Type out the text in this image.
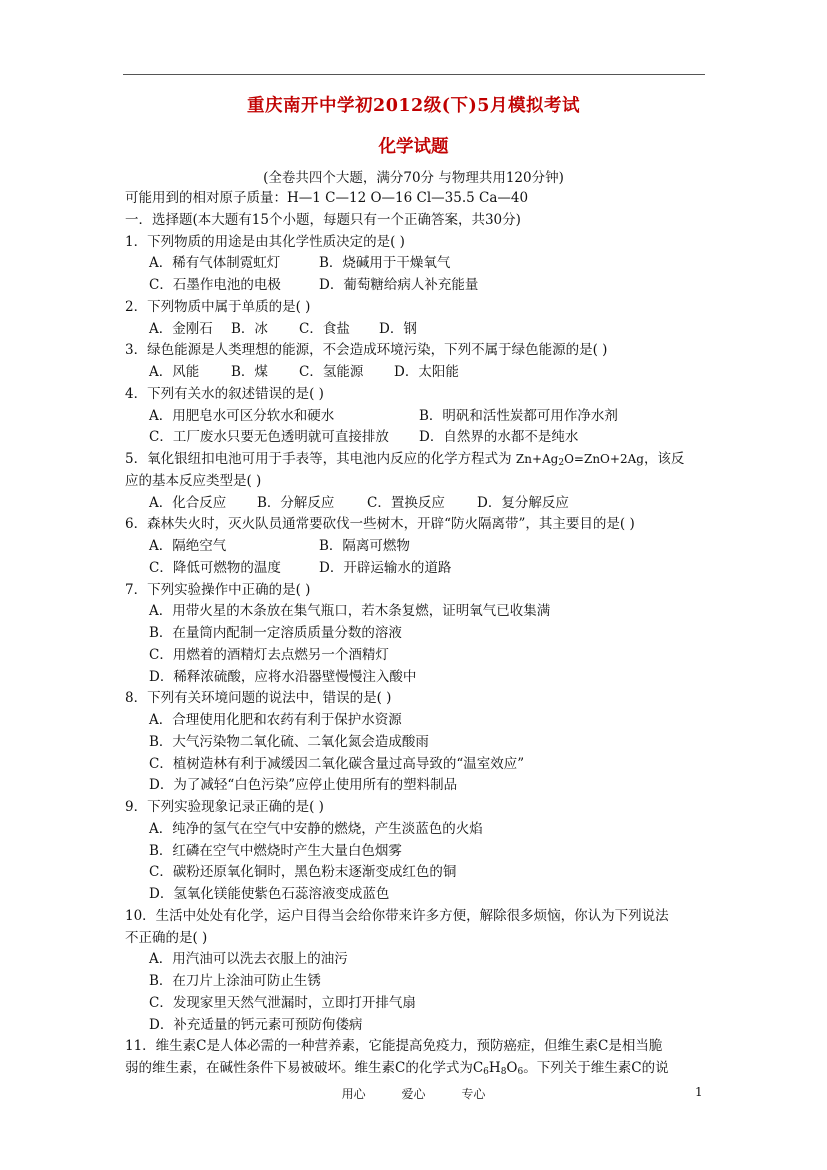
重庆南开中学初2012级(下)5月模拟考试
化学试题
(全卷共四个大题，满分70分 与物理共用120分钟)
可能用到的相对原子质量：H—1 C—12 O—16 Cl—35.5 Ca—40
一．选择题(本大题有15个小题，每题只有一个正确答案，共30分)
1．下列物质的用途是由其化学性质决定的是( )
A．稀有气体制霓虹灯	B．烧碱用于干燥氧气
C．石墨作电池的电极	D．葡萄糖给病人补充能量
2．下列物质中属于单质的是( )
A．金刚石 B．冰 C．食盐 D．钢
3．绿色能源是人类理想的能源，不会造成环境污染，下列不属于绿色能源的是( )
A．风能 B．煤 C．氢能源 D．太阳能
4．下列有关水的叙述错误的是( )
A．用肥皂水可区分软水和硬水	B．明矾和活性炭都可用作净水剂
C．工厂废水只要无色透明就可直接排放 D．自然界的水都不是纯水
5．氧化银纽扣电池可用于手表等，其电池内反应的化学方程式为 $Zn+Ag_2O=ZnO+2Ag$，该反
应的基本反应类型是( )
A．化合反应 B．分解反应 C．置换反应 D．复分解反应
6．森林失火时，灭火队员通常要砍伐一些树木，开辟“防火隔离带”，其主要目的是( )
A．隔绝空气	B．隔离可燃物
C．降低可燃物的温度	D．开辟运输水的道路
7．下列实验操作中正确的是( )
A．用带火星的木条放在集气瓶口，若木条复燃，证明氧气已收集满
B．在量筒内配制一定溶质质量分数的溶液
C．用燃着的酒精灯去点燃另一个酒精灯
D．稀释浓硫酸，应将水沿器壁慢慢注入酸中
8．下列有关环境问题的说法中，错误的是( )
A．合理使用化肥和农药有利于保护水资源
B．大气污染物二氧化硫、二氧化氮会造成酸雨
C．植树造林有利于减缓因二氧化碳含量过高导致的“温室效应”
D．为了减轻“白色污染”应停止使用所有的塑料制品
9．下列实验现象记录正确的是( )
A．纯净的氢气在空气中安静的燃烧，产生淡蓝色的火焰
B．红磷在空气中燃烧时产生大量白色烟雾
C．碳粉还原氧化铜时，黑色粉末逐渐变成红色的铜
D．氢氧化镁能使紫色石蕊溶液变成蓝色
10．生活中处处有化学，运户目得当会给你带来许多方便，解除很多烦恼，你认为下列说法
不正确的是( )
A．用汽油可以洗去衣服上的油污
B．在刀片上涂油可防止生锈
C．发现家里天然气泄漏时，立即打开排气扇
D．补充适量的钙元素可预防佝偻病
11．维生素C是人体必需的一种营养素，它能提高免疫力，预防癌症，但维生素C是相当脆
弱的维生素，在碱性条件下易被破坏。维生素C的化学式为$C_6H_8O_6$。下列关于维生素C的说
用心	爱心	专心	1
